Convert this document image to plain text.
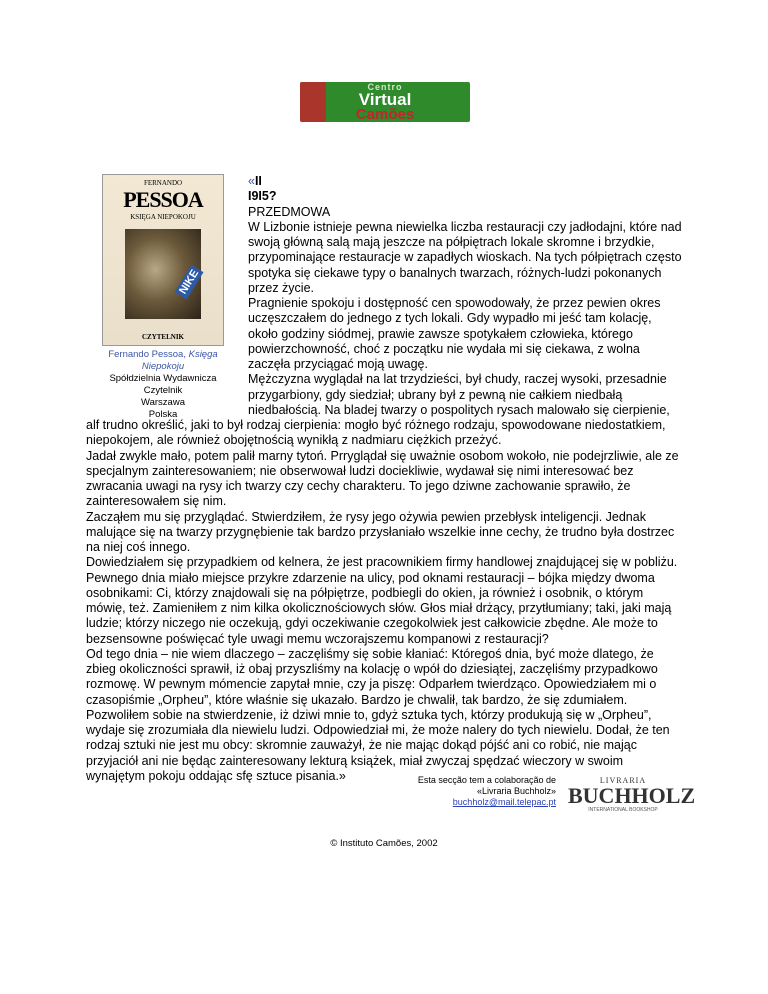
Centro
Virtual
Camões
FERNANDO
PESSOA
KSIĘGA NIEPOKOJU
NIKE
CZYTELNIK
Fernando Pessoa, Księga
Niepokoju
Spółdzielnia Wydawnicza
Czytelnik
Warszawa
Polska

«II

I9I5?

PRZEDMOWA

W Lizbonie istnieje pewna niewielka liczba restauracji czy jadłodajni, które nad swoją główną salą mają jeszcze na półpiętrach lokale skromne i brzydkie, przypominające restauracje w zapadłych wioskach. Na tych półpiętrach często spotyka się ciekawe typy o banalnych twarzach, różnych-ludzi pokonanych przez życie.

Pragnienie spokoju i dostępność cen spowodowały, że przez pewien okres uczęszczałem do jednego z tych lokali. Gdy wypadło mi jeść tam kolację, około godziny siódmej, prawie zawsze spotykałem człowieka, którego powierzchowność, choć z początku nie wydała mi się ciekawa, z wolna zaczęła przyciągać moją uwagę.

Mężczyzna wyglądał na lat trzydzieści, był chudy, raczej wysoki, przesadnie przygarbiony, gdy siedział; ubrany był z pewną nie całkiem niedbałą niedbałością. Na bladej twarzy o pospolitych rysach malowało się cierpienie, alf trudno określić, jaki to był rodzaj cierpienia: mogło być różnego rodzaju, spowodowane niedostatkiem, niepokojem, ale również obojętnością wynikłą z nadmiaru ciężkich przeżyć.

Jadał zwykle mało, potem palił marny tytoń. Prryglądał się uważnie osobom wokoło, nie podejrzliwie, ale ze specjalnym zainteresowaniem; nie obserwował ludzi dociekliwie, wydawał się nimi interesować bez zwracania uwagi na rysy ich twarzy czy cechy charakteru. To jego dziwne zachowanie sprawiło, że zainteresowałem się nim.

Zacząłem mu się przyglądać. Stwierdziłem, że rysy jego ożywia pewien przebłysk inteligencji. Jednak malujące się na twarzy przygnębienie tak bardzo przysłaniało wszelkie inne cechy, że trudno była dostrzec na niej coś innego.

Dowiedziałem się przypadkiem od kelnera, że jest pracownikiem firmy handlowej znajdującej się w pobliżu.

Pewnego dnia miało miejsce przykre zdarzenie na ulicy, pod oknami restauracji – bójka między dwoma osobnikami: Ci, którzy znajdowali się na półpiętrze, podbiegli do okien, ja również i osobnik, o którym mówię, też. Zamieniłem z nim kilka okolicznościowych słów. Głos miał drżący, przytłumiany; taki, jaki mają ludzie; którzy niczego nie oczekują, gdyi oczekiwanie czegokolwiek jest całkowicie zbędne. Ale może to bezsensowne poświęcać tyle uwagi memu wczorajszemu kompanowi z restauracji?

Od tego dnia – nie wiem dlaczego – zaczęliśmy się sobie kłaniać: Któregoś dnia, być może dlatego, że zbieg okoliczności sprawił, iż obaj przyszliśmy na kolację o wpół do dziesiątej, zaczęliśmy przypadkowo rozmowę. W pewnym mómencie zapytał mnie, czy ja piszę: Odparłem twierdząco. Opowiedziałem mi o czasopiśmie „Orpheu”, które właśnie się ukazało. Bardzo je chwalił, tak bardzo, że się zdumiałem. Pozwoliłem sobie na stwierdzenie, iż dziwi mnie to, gdyż sztuka tych, którzy produkują się w „Orpheu”, wydaje się zrozumiała dla niewielu ludzi. Odpowiedział mi, że może nalery do tych niewielu. Dodał, że ten rodzaj sztuki nie jest mu obcy: skromnie zauważył, że nie mając dokąd pójść ani co robić, nie mając przyjaciół ani nie będąc zainteresowany lekturą książek, miał zwyczaj spędzać wieczory w swoim wynajętym pokoju oddając sfę sztuce pisania.»	Esta secção tem a colaboração de
«Livraria Buchholz»
buchholz@mail.telepac.pt
LIVRARIA
BUCHHOLZ
INTERNATIONAL BOOKSHOP
© Instituto Camões, 2002
